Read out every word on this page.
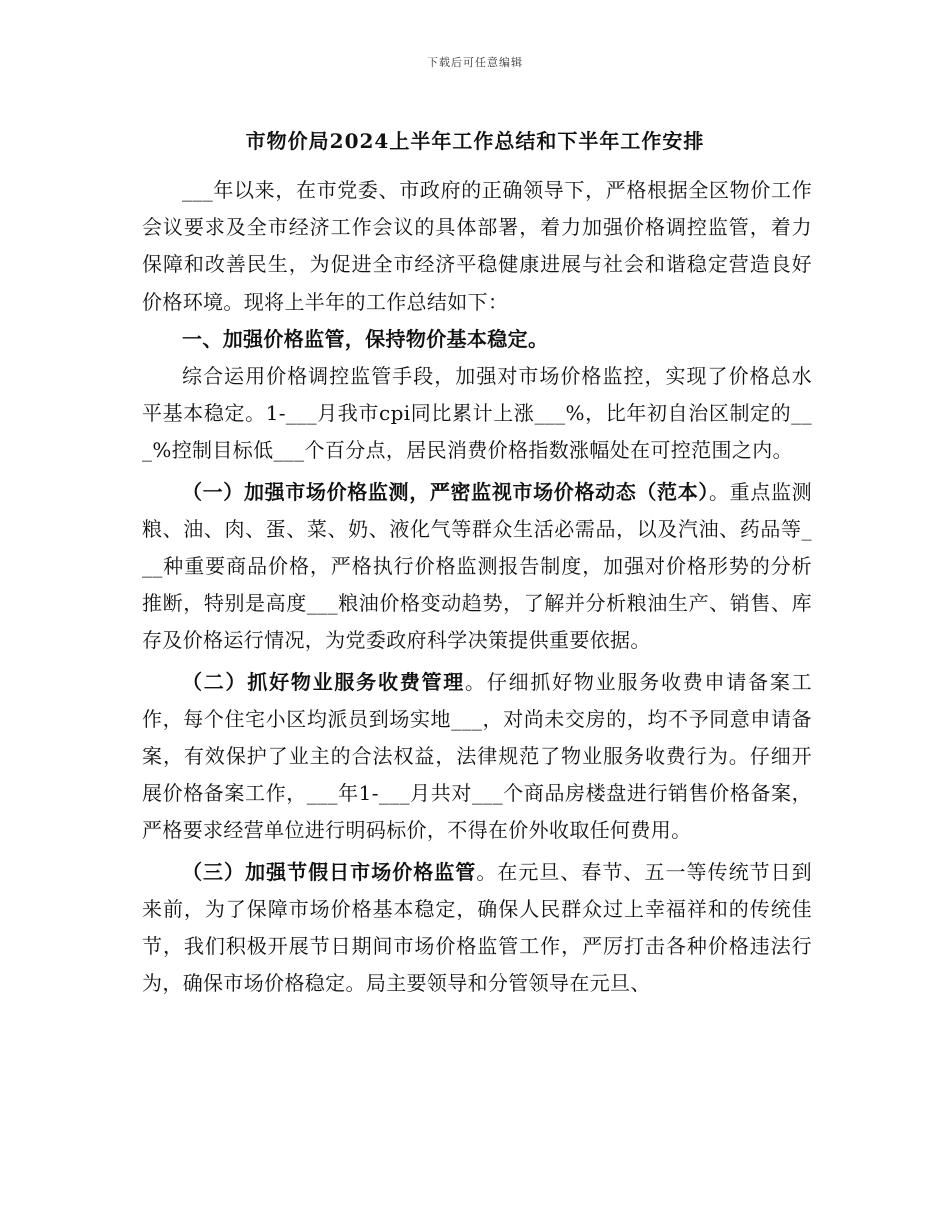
下载后可任意编辑
市物价局2024上半年工作总结和下半年工作安排

___年以来，在市党委、市政府的正确领导下，严格根据全区物价工作会议要求及全市经济工作会议的具体部署，着力加强价格调控监管，着力保障和改善民生，为促进全市经济平稳健康进展与社会和谐稳定营造良好价格环境。现将上半年的工作总结如下：

一、加强价格监管，保持物价基本稳定。

综合运用价格调控监管手段，加强对市场价格监控，实现了价格总水平基本稳定。1-___月我市cpi同比累计上涨___%，比年初自治区制定的___%控制目标低___个百分点，居民消费价格指数涨幅处在可控范围之内。

（一）加强市场价格监测，严密监视市场价格动态（范本）。重点监测粮、油、肉、蛋、菜、奶、液化气等群众生活必需品，以及汽油、药品等___种重要商品价格，严格执行价格监测报告制度，加强对价格形势的分析推断，特别是高度___粮油价格变动趋势，了解并分析粮油生产、销售、库存及价格运行情况，为党委政府科学决策提供重要依据。

（二）抓好物业服务收费管理。仔细抓好物业服务收费申请备案工作，每个住宅小区均派员到场实地___，对尚未交房的，均不予同意申请备案，有效保护了业主的合法权益，法律规范了物业服务收费行为。仔细开展价格备案工作，___年1-___月共对___个商品房楼盘进行销售价格备案，严格要求经营单位进行明码标价，不得在价外收取任何费用。

（三）加强节假日市场价格监管。在元旦、春节、五一等传统节日到来前，为了保障市场价格基本稳定，确保人民群众过上幸福祥和的传统佳节，我们积极开展节日期间市场价格监管工作，严厉打击各种价格违法行为，确保市场价格稳定。局主要领导和分管领导在元旦、
